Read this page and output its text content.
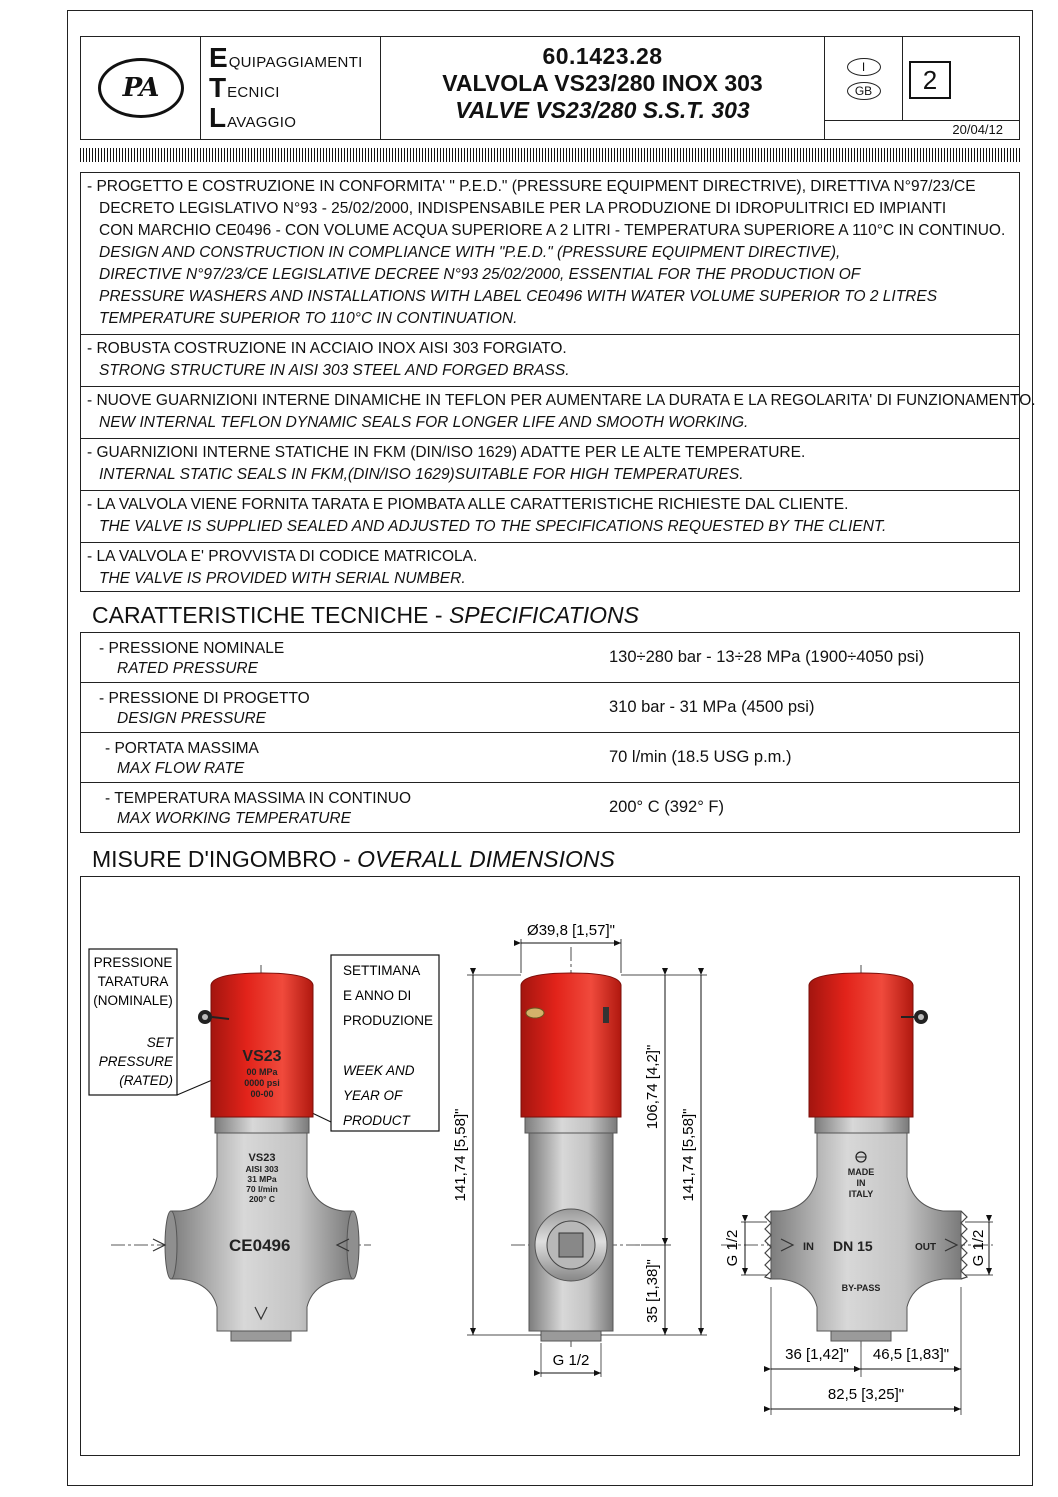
PA
E QUIPAGGIAMENTI
T ECNICI
L AVAGGIO
60.1423.28
VALVOLA VS23/280 INOX 303
VALVE VS23/280 S.S.T. 303
I
GB	2
20/04/12
- PROGETTO E COSTRUZIONE IN CONFORMITA' " P.E.D." (PRESSURE EQUIPMENT DIRECTRIVE), DIRETTIVA N°97/23/CE
DECRETO LEGISLATIVO N°93 - 25/02/2000, INDISPENSABILE PER LA PRODUZIONE DI IDROPULITRICI ED IMPIANTI
CON MARCHIO CE0496 - CON VOLUME ACQUA SUPERIORE A 2 LITRI - TEMPERATURA SUPERIORE A 110°C IN CONTINUO.
DESIGN AND CONSTRUCTION IN COMPLIANCE WITH "P.E.D." (PRESSURE EQUIPMENT DIRECTIVE),
DIRECTIVE N°97/23/CE LEGISLATIVE DECREE N°93 25/02/2000, ESSENTIAL FOR THE PRODUCTION OF
PRESSURE WASHERS AND INSTALLATIONS WITH LABEL CE0496 WITH WATER VOLUME SUPERIOR TO 2 LITRES
TEMPERATURE SUPERIOR TO 110°C IN CONTINUATION.
- ROBUSTA COSTRUZIONE IN ACCIAIO INOX AISI 303 FORGIATO.
STRONG STRUCTURE IN AISI 303 STEEL AND FORGED BRASS.
- NUOVE GUARNIZIONI INTERNE DINAMICHE IN TEFLON PER AUMENTARE LA DURATA E LA REGOLARITA' DI FUNZIONAMENTO.
NEW INTERNAL TEFLON DYNAMIC SEALS FOR LONGER LIFE AND SMOOTH WORKING.
- GUARNIZIONI INTERNE STATICHE IN FKM (DIN/ISO 1629) ADATTE PER LE ALTE TEMPERATURE.
INTERNAL STATIC SEALS IN FKM,(DIN/ISO 1629)SUITABLE FOR HIGH TEMPERATURES.
- LA VALVOLA VIENE FORNITA TARATA E PIOMBATA ALLE CARATTERISTICHE RICHIESTE DAL CLIENTE.
THE VALVE IS SUPPLIED SEALED AND ADJUSTED TO THE SPECIFICATIONS REQUESTED BY THE CLIENT.
- LA VALVOLA E' PROVVISTA DI CODICE MATRICOLA.
THE VALVE IS PROVIDED WITH SERIAL NUMBER.
CARATTERISTICHE TECNICHE - SPECIFICATIONS
- PRESSIONE NOMINALE
RATED PRESSURE
130÷280 bar - 13÷28 MPa (1900÷4050 psi)
- PRESSIONE DI PROGETTO
DESIGN PRESSURE
310 bar - 31 MPa (4500 psi)
- PORTATA MASSIMA
MAX FLOW RATE
70 l/min (18.5 USG p.m.)
- TEMPERATURA MASSIMA IN CONTINUO
MAX WORKING TEMPERATURE
200° C (392° F)
MISURE D'INGOMBRO - OVERALL DIMENSIONS
PRESSIONE
TARATURA
(NOMINALE)
SET
PRESSURE
(RATED)
SETTIMANA
E ANNO DI
PRODUZIONE
WEEK AND
YEAR OF
PRODUCT
VS23
00 MPa
0000 psi
00-00
VS23
AISI 303
31 MPa
70 l/min
200° C
CE0496
Ø39,8 [1,57]"
141,74 [5,58]"
106,74 [4,2]"
35 [1,38]"
141,74 [5,58]"
G 1/2
MADE
IN
ITALY
IN DN 15	OUT
BY-PASS
G 1/2	G 1/2
36 [1,42]" 46,5 [1,83]"
82,5 [3,25]"
